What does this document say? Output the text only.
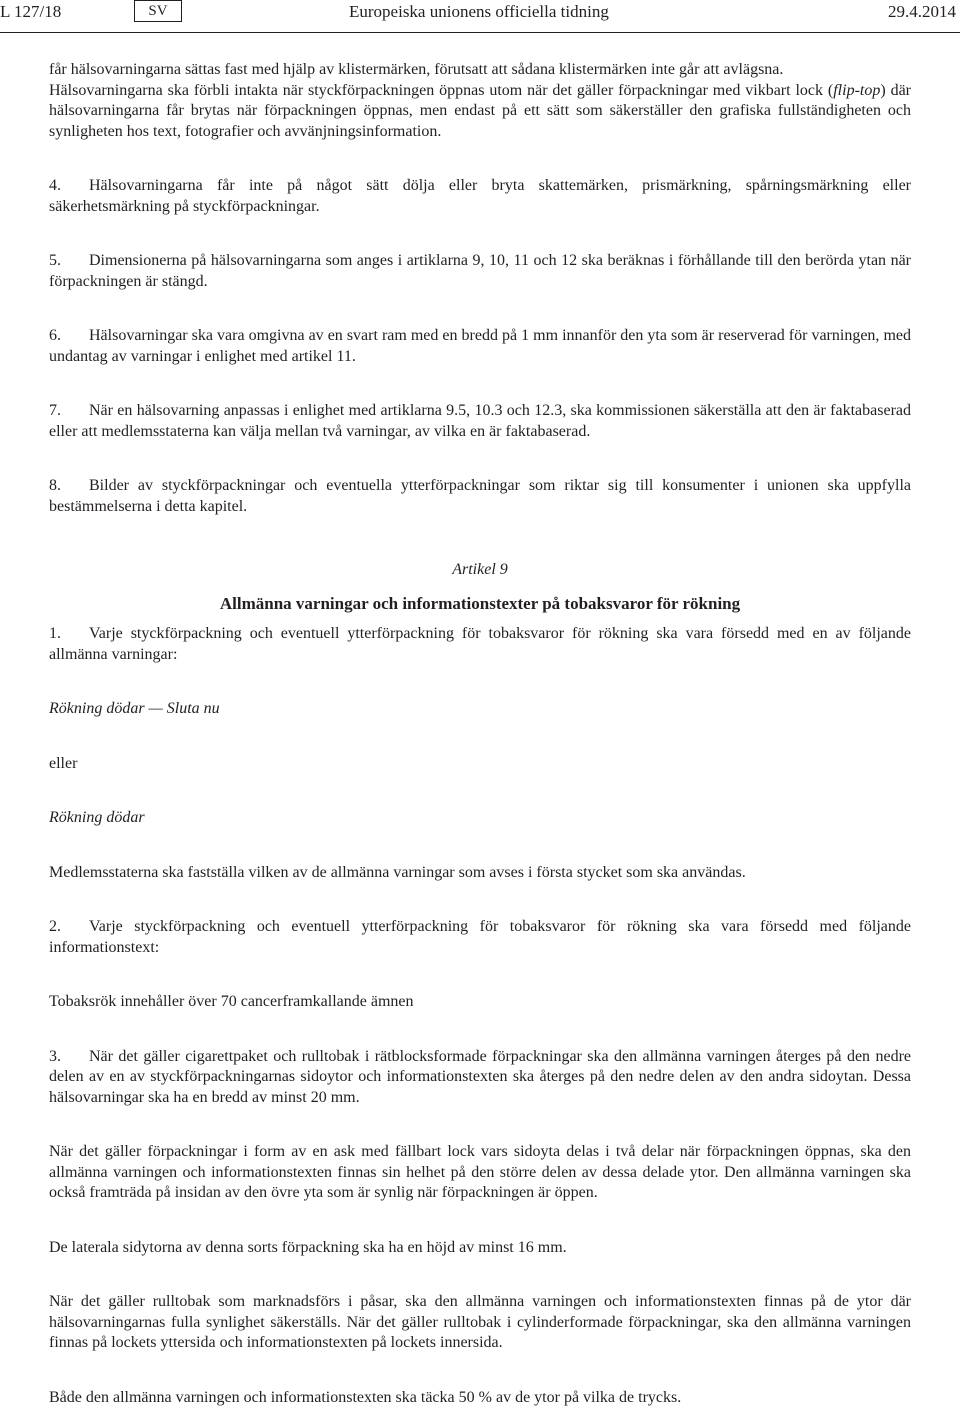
L 127/18	SV	Europeiska unionens officiella tidning	29.4.2014

får hälsovarningarna sättas fast med hjälp av klistermärken, förutsatt att sådana klistermärken inte går att avlägsna.

Hälsovarningarna ska förbli intakta när styckförpackningen öppnas utom när det gäller förpackningar med vikbart lock (flip-top) där hälsovarningarna får brytas när förpackningen öppnas, men endast på ett sätt som säkerställer den grafiska fullständigheten och synligheten hos text, fotografier och avvänjningsinformation.

4. Hälsovarningarna får inte på något sätt dölja eller bryta skattemärken, prismärkning, spårningsmärkning eller säkerhetsmärkning på styckförpackningar.

5. Dimensionerna på hälsovarningarna som anges i artiklarna 9, 10, 11 och 12 ska beräknas i förhållande till den berörda ytan när förpackningen är stängd.

6. Hälsovarningar ska vara omgivna av en svart ram med en bredd på 1 mm innanför den yta som är reserverad för varningen, med undantag av varningar i enlighet med artikel 11.

7. När en hälsovarning anpassas i enlighet med artiklarna 9.5, 10.3 och 12.3, ska kommissionen säkerställa att den är faktabaserad eller att medlemsstaterna kan välja mellan två varningar, av vilka en är faktabaserad.

8. Bilder av styckförpackningar och eventuella ytterförpackningar som riktar sig till konsumenter i unionen ska uppfylla bestämmelserna i detta kapitel.

Artikel 9

Allmänna varningar och informationstexter på tobaksvaror för rökning

1. Varje styckförpackning och eventuell ytterförpackning för tobaksvaror för rökning ska vara försedd med en av följande allmänna varningar:

Rökning dödar — Sluta nu

eller

Rökning dödar

Medlemsstaterna ska fastställa vilken av de allmänna varningar som avses i första stycket som ska användas.

2. Varje styckförpackning och eventuell ytterförpackning för tobaksvaror för rökning ska vara försedd med följande informationstext:

Tobaksrök innehåller över 70 cancerframkallande ämnen

3. När det gäller cigarettpaket och rulltobak i rätblocksformade förpackningar ska den allmänna varningen återges på den nedre delen av en av styckförpackningarnas sidoytor och informationstexten ska återges på den nedre delen av den andra sidoytan. Dessa hälsovarningar ska ha en bredd av minst 20 mm.

När det gäller förpackningar i form av en ask med fällbart lock vars sidoyta delas i två delar när förpackningen öppnas, ska den allmänna varningen och informationstexten finnas sin helhet på den större delen av dessa delade ytor. Den allmänna varningen ska också framträda på insidan av den övre yta som är synlig när förpackningen är öppen.

De laterala sidytorna av denna sorts förpackning ska ha en höjd av minst 16 mm.

När det gäller rulltobak som marknadsförs i påsar, ska den allmänna varningen och informationstexten finnas på de ytor där hälsovarningarnas fulla synlighet säkerställs. När det gäller rulltobak i cylinderformade förpackningar, ska den allmänna varningen finnas på lockets yttersida och informationstexten på lockets innersida.

Både den allmänna varningen och informationstexten ska täcka 50 % av de ytor på vilka de trycks.
